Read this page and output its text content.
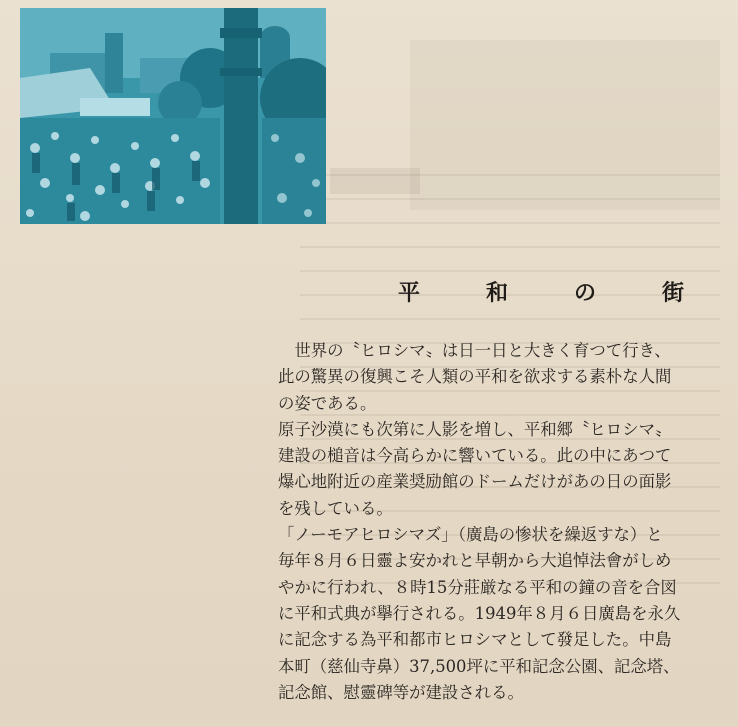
平　和　の　街

　世界の〝ヒロシマ〟は日一日と大きく育つて行き、

此の驚異の復興こそ人類の平和を欲求する素朴な人間

の姿である。

原子沙漠にも次第に人影を増し、平和郷〝ヒロシマ〟

建設の槌音は今高らかに響いている。此の中にあつて

爆心地附近の産業奨励館のドームだけがあの日の面影

を残している。

「ノーモアヒロシマズ」（廣島の惨状を繰返すな）と

毎年８月６日靈よ安かれと早朝から大追悼法會がしめ

やかに行われ、８時15分莊厳なる平和の鐘の音を合図

に平和式典が擧行される。1949年８月６日廣島を永久

に記念する為平和都市ヒロシマとして發足した。中島

本町（慈仙寺鼻）37,500坪に平和記念公園、記念塔、

記念館、慰靈碑等が建設される。
